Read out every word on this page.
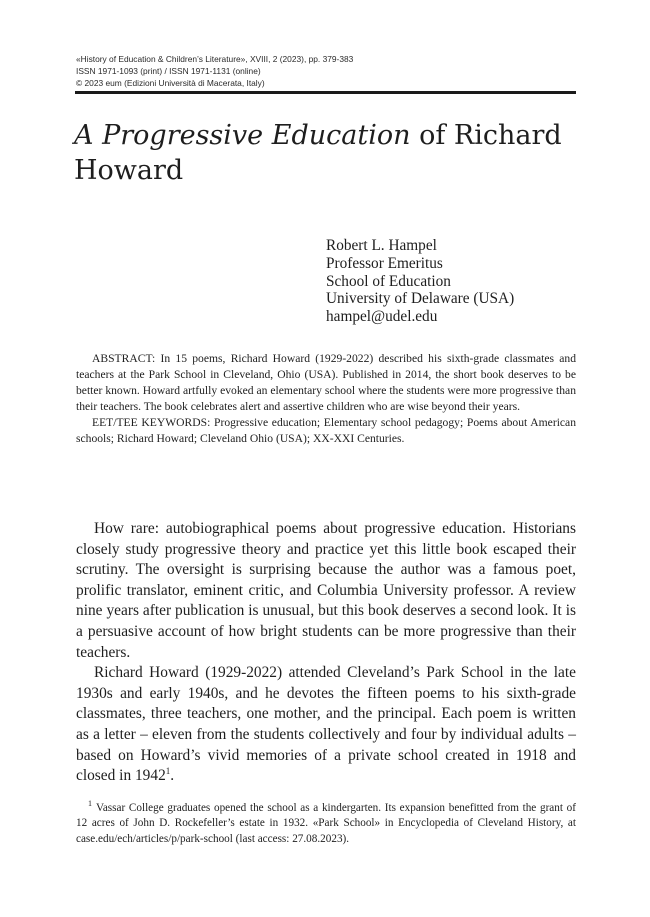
«History of Education & Children’s Literature», XVIII, 2 (2023), pp. 379-383
ISSN 1971-1093 (print) / ISSN 1971-1131 (online)
© 2023 eum (Edizioni Università di Macerata, Italy)
A Progressive Education of Richard Howard
Robert L. Hampel
Professor Emeritus
School of Education
University of Delaware (USA)
hampel@udel.edu

ABSTRACT: In 15 poems, Richard Howard (1929-2022) described his sixth-grade classmates and teachers at the Park School in Cleveland, Ohio (USA). Published in 2014, the short book deserves to be better known. Howard artfully evoked an elementary school where the students were more progressive than their teachers. The book celebrates alert and assertive children who are wise beyond their years.

EET/TEE KEYWORDS: Progressive education; Elementary school pedagogy; Poems about American schools; Richard Howard; Cleveland Ohio (USA); XX-XXI Centuries.

How rare: autobiographical poems about progressive education. Historians closely study progressive theory and practice yet this little book escaped their scrutiny. The oversight is surprising because the author was a famous poet, prolific translator, eminent critic, and Columbia University professor. A review nine years after publication is unusual, but this book deserves a second look. It is a persuasive account of how bright students can be more progressive than their teachers.

Richard Howard (1929-2022) attended Cleveland’s Park School in the late 1930s and early 1940s, and he devotes the fifteen poems to his sixth-grade classmates, three teachers, one mother, and the principal. Each poem is written as a letter – eleven from the students collectively and four by individual adults – based on Howard’s vivid memories of a private school created in 1918 and closed in 1942$^1$.

$^1$ Vassar College graduates opened the school as a kindergarten. Its expansion benefitted from the grant of 12 acres of John D. Rockefeller’s estate in 1932. «Park School» in Encyclopedia of Cleveland History, at case.edu/ech/articles/p/park-school (last access: 27.08.2023).
